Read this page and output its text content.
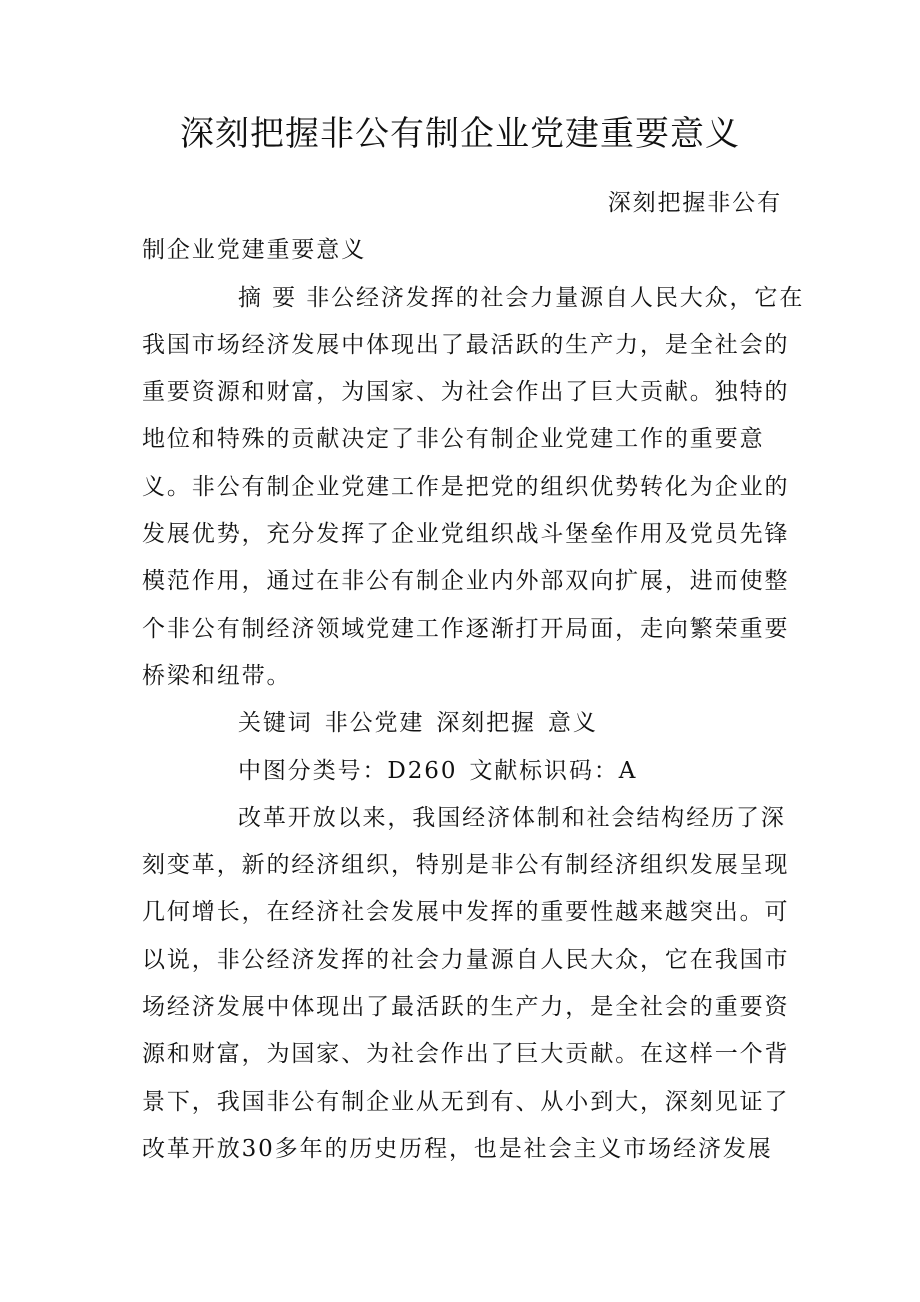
深刻把握非公有制企业党建重要意义
深刻把握非公有
制企业党建重要意义
摘 要 非公经济发挥的社会力量源自人民大众，它在
我国市场经济发展中体现出了最活跃的生产力，是全社会的
重要资源和财富，为国家、为社会作出了巨大贡献。独特的
地位和特殊的贡献决定了非公有制企业党建工作的重要意
义。非公有制企业党建工作是把党的组织优势转化为企业的
发展优势，充分发挥了企业党组织战斗堡垒作用及党员先锋
模范作用，通过在非公有制企业内外部双向扩展，进而使整
个非公有制经济领域党建工作逐渐打开局面，走向繁荣重要
桥梁和纽带。
关键词 非公党建 深刻把握 意义
中图分类号：D260 文献标识码：A
改革开放以来，我国经济体制和社会结构经历了深
刻变革，新的经济组织，特别是非公有制经济组织发展呈现
几何增长，在经济社会发展中发挥的重要性越来越突出。可
以说，非公经济发挥的社会力量源自人民大众，它在我国市
场经济发展中体现出了最活跃的生产力，是全社会的重要资
源和财富，为国家、为社会作出了巨大贡献。在这样一个背
景下，我国非公有制企业从无到有、从小到大，深刻见证了
改革开放30多年的历史历程，也是社会主义市场经济发展
